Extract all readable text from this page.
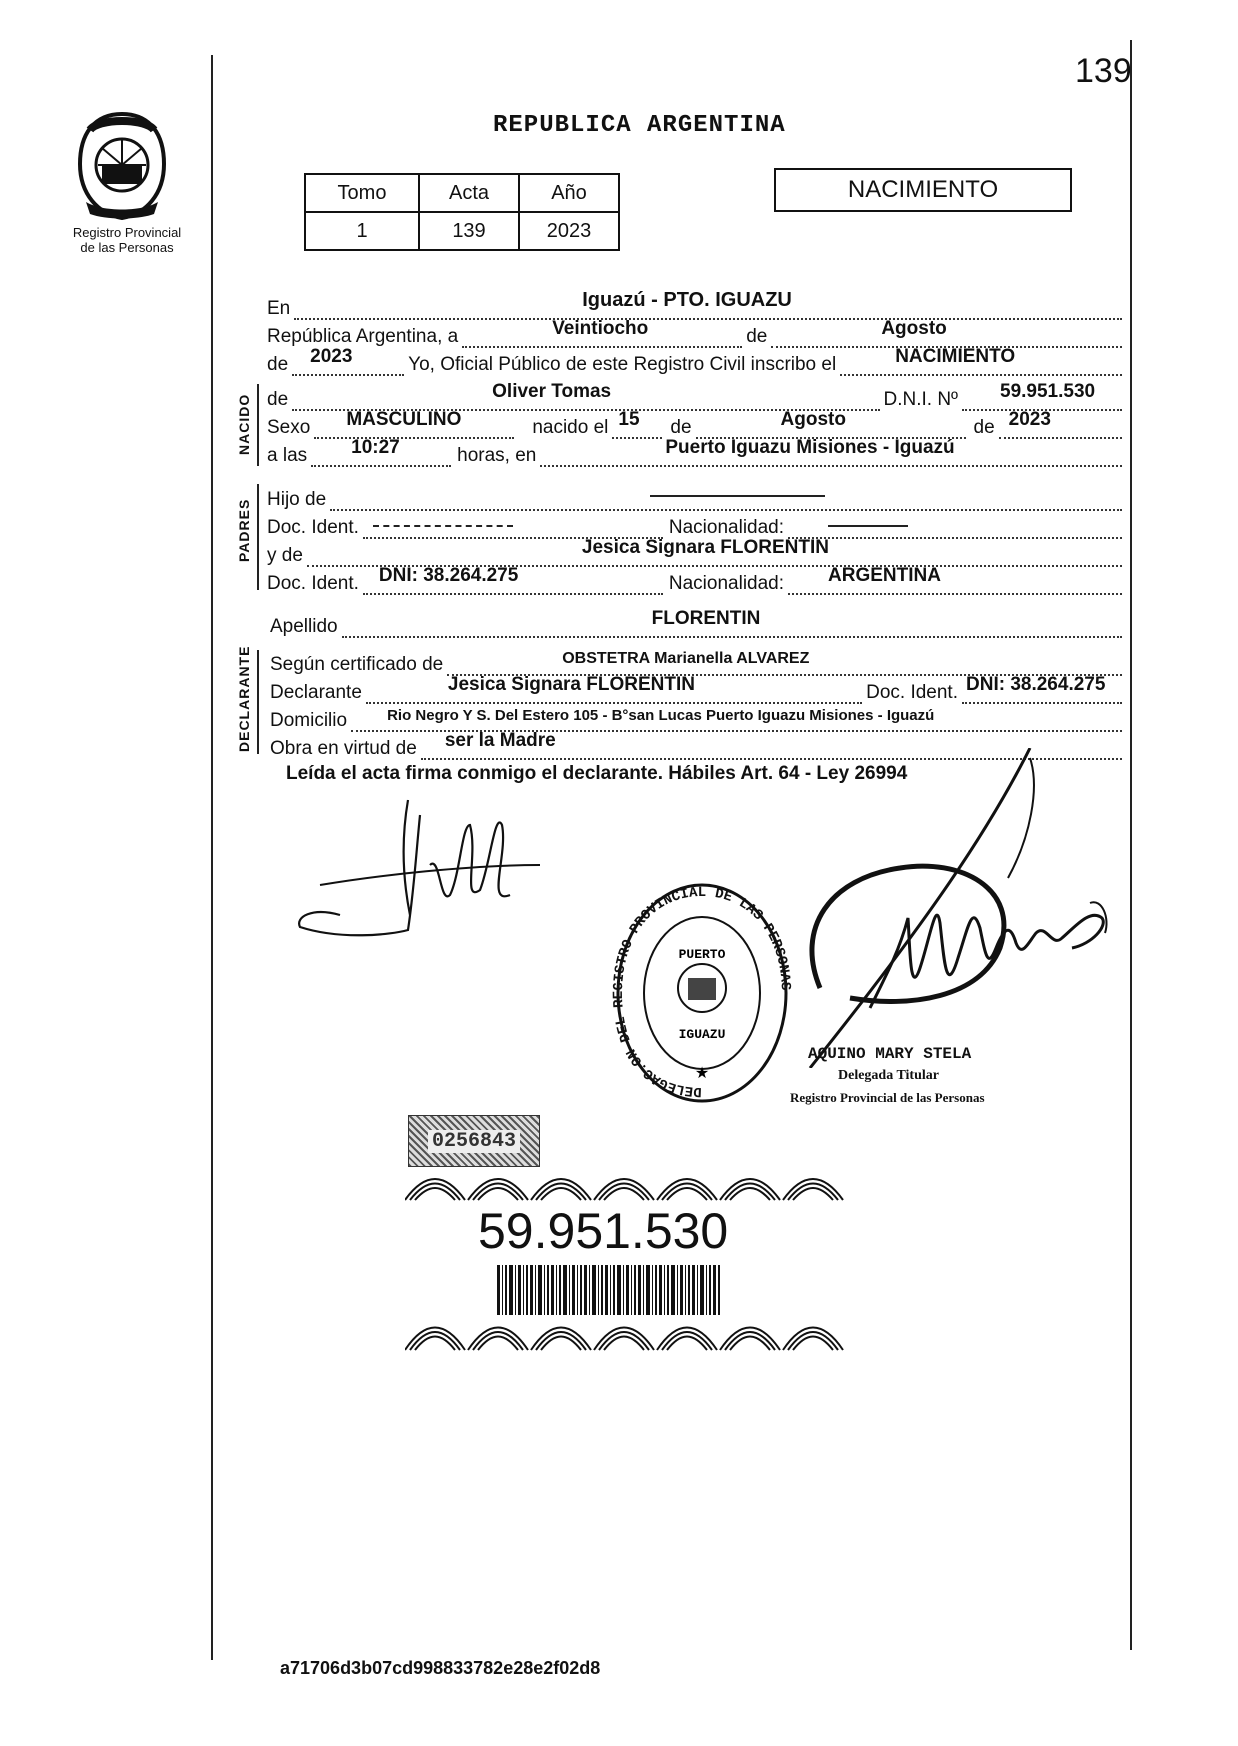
139
Registro Provincial
de las Personas
REPUBLICA ARGENTINA
Tomo	Acta	Año
1	139	2023
NACIMIENTO
En	Iguazú - PTO. IGUAZU
República Argentina, a	Veintiocho	de	Agosto
de 2023	Yo, Oficial Público de este Registro Civil inscribo el	NACIMIENTO
NACIDO de	Oliver Tomas	D.N.I. Nº 59.951.530
Sexo MASCULINO	nacido el 15	de	Agosto	de 2023
a las 10:27	horas, en	Puerto Iguazu Misiones - Iguazú
PADRES Hijo de
Doc. Ident.	Nacionalidad:
y de	Jesica Signara FLORENTIN
Doc. Ident. DNI: 38.264.275	Nacionalidad: ARGENTINA
Apellido	FLORENTIN
DECLARANTE Según certificado de	OBSTETRA Marianella ALVAREZ
Declarante	Jesica Signara FLORENTIN	Doc. Ident. DNI: 38.264.275
Domicilio	Rio Negro Y S. Del Estero 105 - B°san Lucas Puerto Iguazu Misiones - Iguazú
Obra en virtud de ser la Madre
Leída el acta firma conmigo el declarante. Hábiles Art. 64 - Ley 26994
DELEGAC.ON DEL REGISTRO PROVINCIAL DE LAS PERSONAS
PUERTO
IGUAZU
★
AQUINO MARY STELA
Delegada Titular
Registro Provincial de las Personas
0256843
59.951.530
a71706d3b07cd998833782e28e2f02d8
